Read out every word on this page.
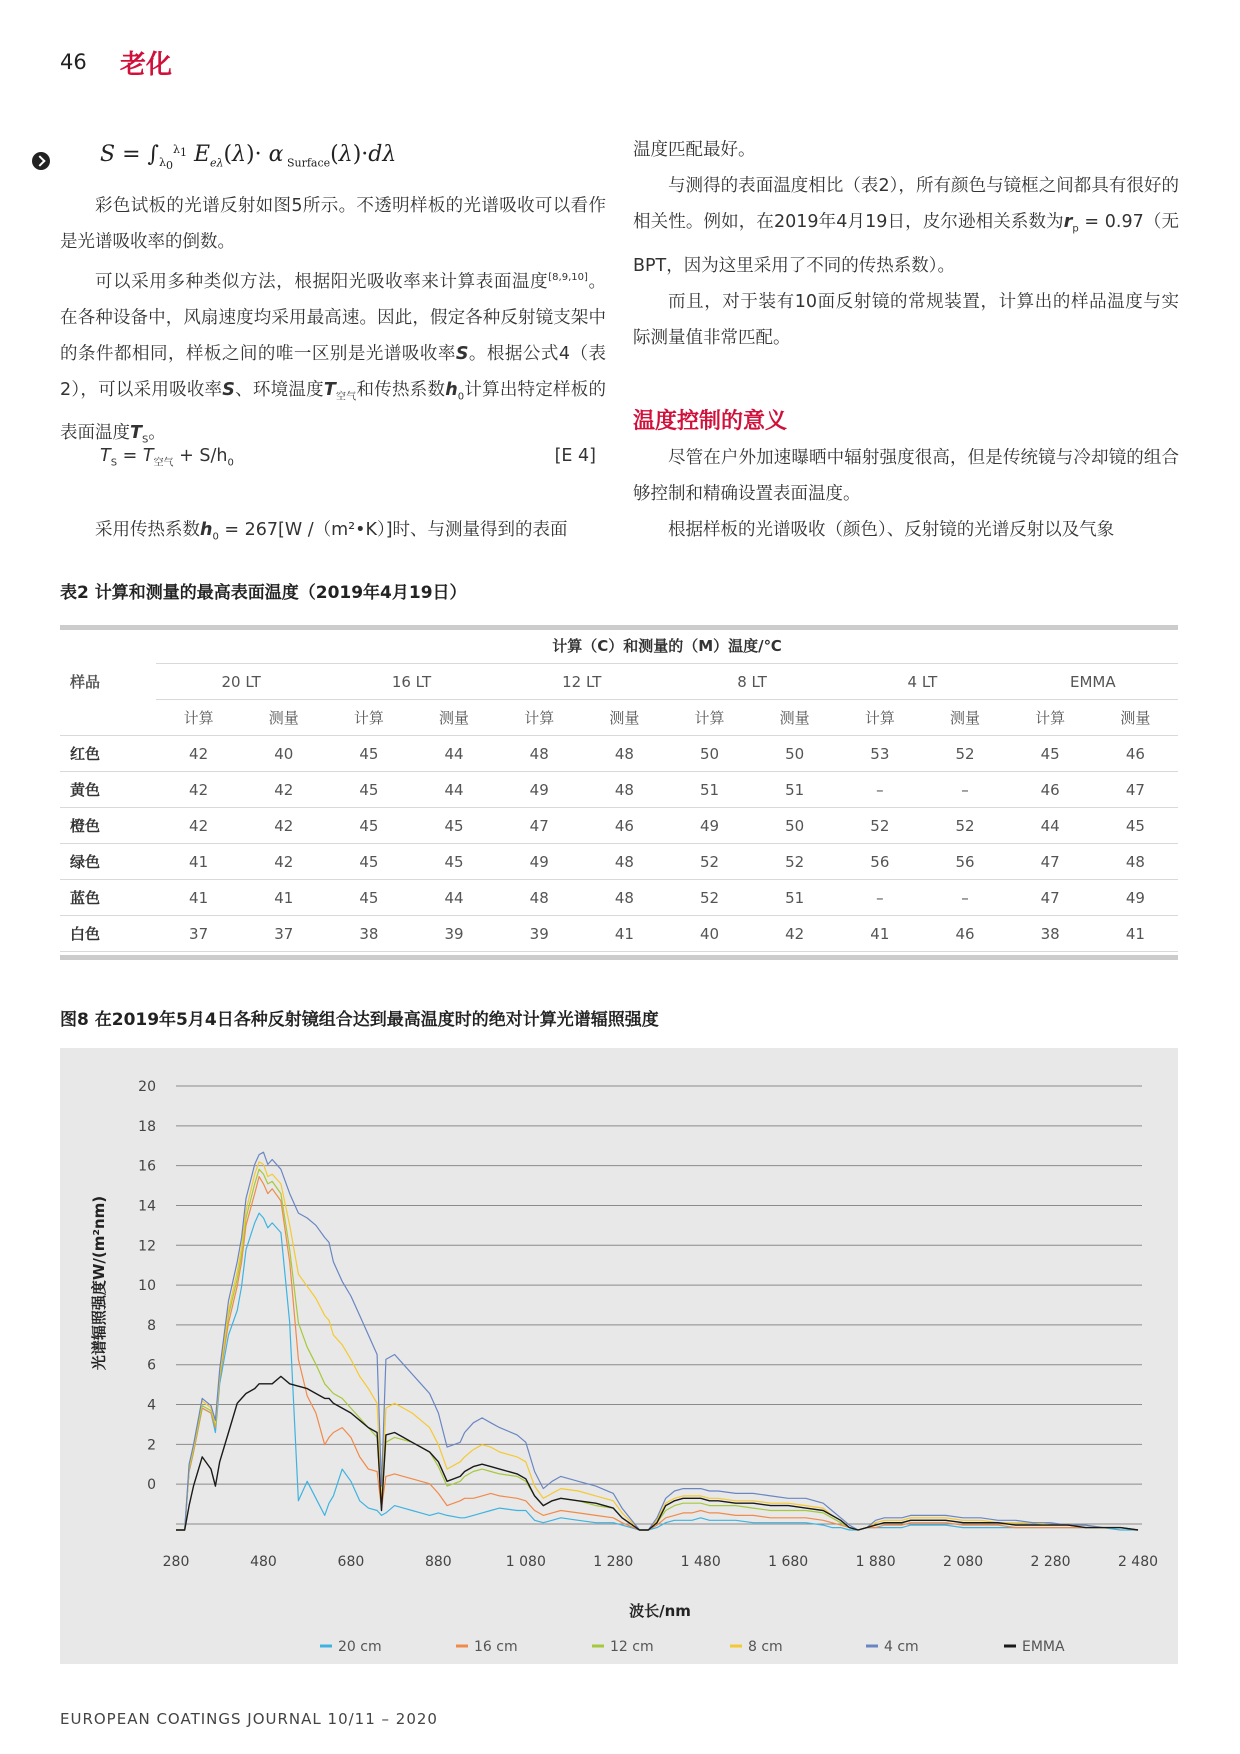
46 老化
$S = \int_{\lambda_0}^{\lambda_1}$ $E_{e\lambda}(\lambda)\cdot \alpha$ $_{Surface}$(λ)·dλ

彩色试板的光谱反射如图5所示。不透明样板的光谱吸收可以看作是光谱吸收率的倒数。

可以采用多种类似方法，根据阳光吸收率来计算表面温度[8,9,10]。在各种设备中，风扇速度均采用最高速。因此，假定各种反射镜支架中的条件都相同，样板之间的唯一区别是光谱吸收率S。根据公式4（表2），可以采用吸收率S、环境温度$T_{空气}$和传热系数$h_0$计算出特定样板的表面温度$T_S$。

$T_S = T_{空气} + S/h_0$	[E 4]

采用传热系数$h_0 = 267[W$ /（m²•K）]时、与测量得到的表面

温度匹配最好。

与测得的表面温度相比（表2），所有颜色与镜框之间都具有很好的相关性。例如，在2019年4月19日，皮尔逊相关系数为$r_p = 0.97$（无BPT，因为这里采用了不同的传热系数）。

而且，对于装有10面反射镜的常规装置，计算出的样品温度与实际测量值非常匹配。

温度控制的意义

尽管在户外加速曝晒中辐射强度很高，但是传统镜与冷却镜的组合够控制和精确设置表面温度。

根据样板的光谱吸收（颜色）、反射镜的光谱反射以及气象

表2 计算和测量的最高表面温度（2019年4月19日）
样品	计算（C）和测量的（M）温度/℃											
	20 LT		16 LT		12 LT		8 LT		4 LT		EMMA	
	计算	测量	计算	测量	计算	测量	计算	测量	计算	测量	计算	测量
红色	42	40	45	44	48	48	50	50	53	52	45	46
黄色	42	42	45	44	49	48	51	51	–	–	46	47
橙色	42	42	45	45	47	46	49	50	52	52	44	45
绿色	41	42	45	45	49	48	52	52	56	56	47	48
蓝色	41	41	45	44	48	48	52	51	–	–	47	49
白色	37	37	38	39	39	41	40	42	41	46	38	41
图8 在2019年5月4日各种反射镜组合达到最高温度时的绝对计算光谱辐照强度
20
18
16
14
12
10
8
6
4
2
0
280	480	680	880	1 080	1 280	1 480	1 680	1 880	2 080	2 280	2 480
波长/nm
光谱辐照强度W/(m²nm)
20 cm	16 cm	12 cm	8 cm	4 cm	EMMA
EUROPEAN COATINGS JOURNAL 10/11 – 2020
